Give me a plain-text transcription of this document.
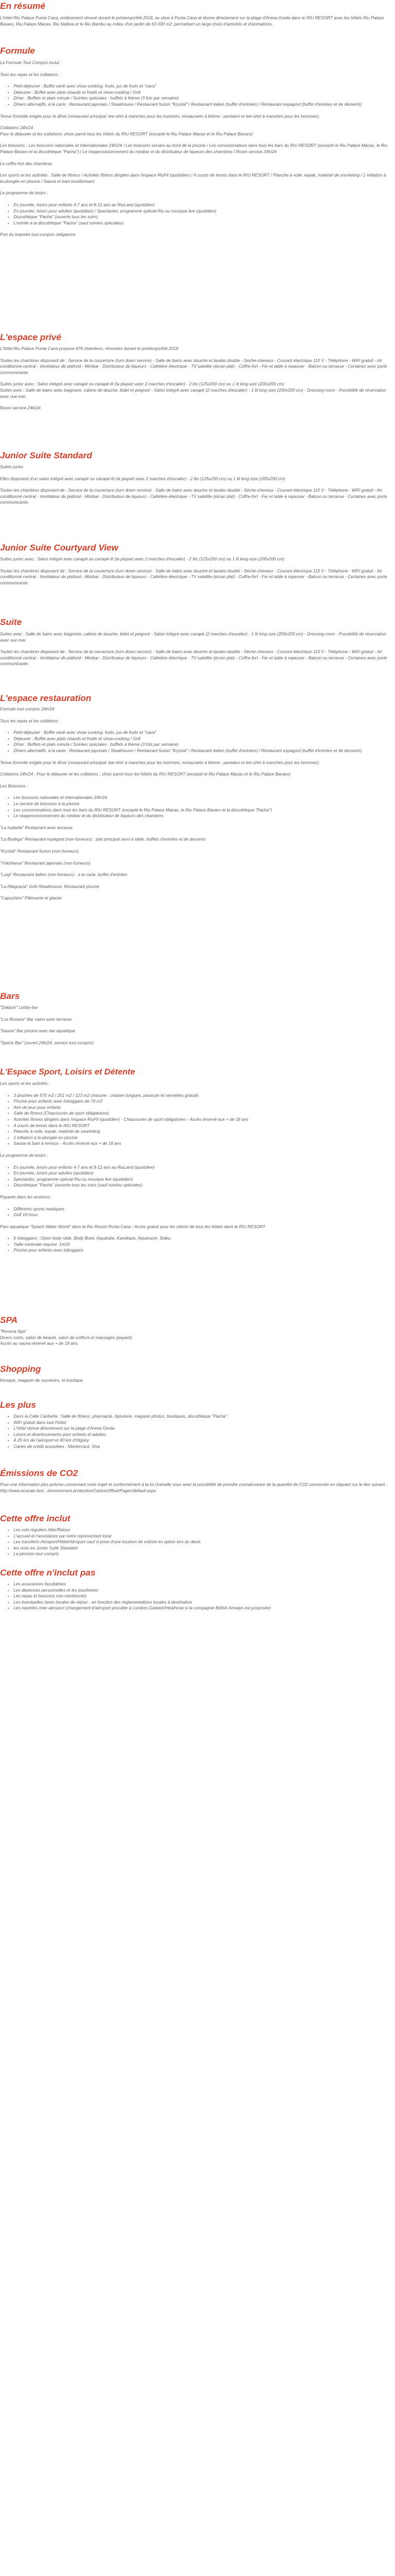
En résumé

L'hôtel Riu Palace Punta Cana, entièrement rénové durant le printemps/été 2018, se situe à Punta Cana et donne directement sur la plage d'Arena Gorda dans le RIU RESORT avec les hôtels Riu Palace Bavaro, Riu Palace Macao, Riu Naiboa et le Riu Bambu au milieu d'un jardin de 63 000 m2, permettant un large choix d'activités et d'animations.

Formule

La Formule Tout Compris inclut :

Tous les repas et les collations :

• Petit-déjeuner : Buffet varié avec show cooking, fruits, jus de fruits et "cava"
• Déjeuner : Buffet avec plats chauds et froids et show-cooking / Grill
• Dîner : Buffets et plats minute / Soirées spéciales : buffets à thème (3 fois par semaine)
• Dîners alternatifs, à la carte : Restaurant japonais / Steakhouse / Restaurant fusion "Krystal" / Restaurant italien (buffet d'entrées) / Restaurant espagnol (buffet d'entrées et de desserts)

Tenue formelle exigée pour le dîner (restaurant principal: tee-shirt à manches pour les hommes; restaurants à thème : pantalon et tee-shirt à manches pour les hommes).

Collations 24h/24

Pour le déjeuner et les collations: choix parmi tous les hôtels du RIU RESORT (excepté le Riu Palace Macao et le Riu Palace Bavaro)

Les boissons : Les boissons nationales et internationales 24h/24 / Les boissons servies au bord de la piscine / Les consommations dans tous les bars du RIU RESORT (excepté le Riu Palace Macao, le Riu Palace Bavaro et la discothèque "Pacha") / Le réapprovisionnement du minibar et du distributeur de liqueurs des chambres / Room-service 24h/24

Le coffre-fort des chambres

Les sports et les activités : Salle de fitness / Activités fitness dirigées dans l'espace RiuFit (quotidien) / 4 courts de tennis dans le RIU RESORT / Planche à voile, kayak, matériel de snorkeling / 1 initiation à la plongée en piscine / Sauna et bain bouillonnant

Le programme de loisirs :

• En journée, loisirs pour enfants 4-7 ans et 8-12 ans au RiuLand (quotidien)
• En journée, loisirs pour adultes (quotidien) / Spectacles, programme spécial Riu ou musique live (quotidien)
• Discothèque "Pacha" (ouverte tous les soirs)
• L'entrée à la discothèque "Pacha" (sauf soirées spéciales)

Port du bracelet tout compris obligatoire

L'espace privé

L'hôtel Riu Palace Punta Cana propose 676 chambres, rénovées durant le printemps/été 2018

Toutes les chambres disposent de : Service de la couverture (turn down service) - Salle de bains avec douche et lavabo double - Sèche-cheveux - Courant électrique 110 V - Téléphone - WiFi gratuit - Air conditionné central - Ventilateur de plafond - Minibar - Distributeur de liqueurs - Cafetière électrique - TV satellite (écran plat) - Coffre-fort - Fer et table à repasser - Balcon ou terrasse - Certaines avec porte communicante.

Suites junior avec : Salon intégré avec canapé ou canapé-lit (la plupart avec 2 marches d'escalier) - 2 lits (125x200 cm) ou 1 lit king-size (200x200 cm)

Suites avec : Salle de bains avec baignoire, cabine de douche, bidet et peignoir - Salon intégré avec canapé (2 marches d'escalier) - 1 lit king-size (200x200 cm) - Dressing-room - Possibilité de réservation avec vue mer.

Room-service 24h/24

Junior Suite Standard

Suites junior

Elles disposent d'un salon intégré avec canapé ou canapé-lit (la plupart avec 2 marches d'escalier) - 2 lits (125x200 cm) ou 1 lit king-size (200x200 cm)

Toutes les chambres disposent de : Service de la couverture (turn down service) - Salle de bains avec douche et lavabo double - Sèche-cheveux - Courant électrique 110 V - Téléphone - WiFi gratuit - Air conditionné central - Ventilateur de plafond - Minibar - Distributeur de liqueurs - Cafetière électrique - TV satellite (écran plat) - Coffre-fort - Fer et table à repasser - Balcon ou terrasse - Certaines avec porte communicante.

Junior Suite Courtyard View

Suites junior avec : Salon intégré avec canapé ou canapé-lit (la plupart avec 2 marches d'escalier) - 2 lits (125x200 cm) ou 1 lit king-size (200x200 cm)

Toutes les chambres disposent de : Service de la couverture (turn down service) - Salle de bains avec douche et lavabo double - Sèche-cheveux - Courant électrique 110 V - Téléphone - WiFi gratuit - Air conditionné central - Ventilateur de plafond - Minibar - Distributeur de liqueurs - Cafetière électrique - TV satellite (écran plat) - Coffre-fort - Fer et table à repasser - Balcon ou terrasse - Certaines avec porte communicante.

Suite

Suites avec : Salle de bains avec baignoire, cabine de douche, bidet et peignoir - Salon intégré avec canapé (2 marches d'escalier) - 1 lit king-size (200x200 cm) - Dressing-room - Possibilité de réservation avec vue mer.

Toutes les chambres disposent de : Service de la couverture (turn down service) - Salle de bains avec douche et lavabo double - Sèche-cheveux - Courant électrique 110 V - Téléphone - WiFi gratuit - Air conditionné central - Ventilateur de plafond - Minibar - Distributeur de liqueurs - Cafetière électrique - TV satellite (écran plat) - Coffre-fort - Fer et table à repasser - Balcon ou terrasse - Certaines avec porte communicante.

L'espace restauration

Formule tout compris 24h/24

Tous les repas et les collations :

• Petit-déjeuner : Buffet varié avec show cooking, fruits, jus de fruits et "cava"
• Déjeuner : Buffet avec plats chauds et froids et show-cooking / Grill
• Dîner : Buffets et plats minute / Soirées spéciales : buffets à thème (3 fois par semaine)
• Dîners alternatifs, à la carte : Restaurant japonais / Steakhouse / Restaurant fusion "Krystal" / Restaurant italien (buffet d'entrées) / Restaurant espagnol (buffet d'entrées et de desserts)

Tenue formelle exigée pour le dîner (restaurant principal: tee-shirt à manches pour les hommes; restaurants à thème : pantalon et tee-shirt à manches pour les hommes).

Collations 24h/24 : Pour le déjeuner et les collations : choix parmi tous les hôtels du RIU RESORT (excepté le Riu Palace Macao et le Riu Palace Bavaro)

Les Boissons :

• Les boissons nationales et internationales 24h/24
• Le service de boissons à la piscine
• Les consommations dans tous les bars du RIU RESORT (excepté le Riu Palace Macao, le Riu Palace Bavaro et la discothèque "Pacha")
• Le réapprovisionnement du minibar et du distributeur de liqueurs des chambres

"La Isabella" Restaurant avec terrasse

"La Bodega" Restaurant espagnol (non-fumeurs) : plat principal servi à table, buffets d'entrées et de desserts

"Krystal" Restaurant fusion (non-fumeurs)

"Yokohama" Restaurant japonais (non-fumeurs)

"Luigi" Restaurant italien (non-fumeurs) : à la carte, buffet d'entrées

"La Altagracia" Grill-/Steakhouse, Restaurant piscine

"Capuchino" Pâtisserie et glacier

Bars

"Daiquiri" Lobby-bar

"Los Rosario" Bar salon avec terrasse

"Saona" Bar piscine avec bar aquatique

"Sports Bar" (ouvert 24h/24, service tout compris)

L'Espace Sport, Loisirs et Détente

Les sports et les activités :

• 3 piscines de 570 m2 / 201 m2 / 123 m2 chacune : chaises longues, parasols et serviettes gratuits
• Piscine pour enfants avec toboggans de 70 m2
• Aire de jeux pour enfants
• Salle de fitness (Chaussures de sport obligatoires)
• Activités fitness dirigées dans l'espace RiuFit (quotidien) - Chaussures de sport obligatoires - Accès réservé aux + de 18 ans
• 4 courts de tennis dans le RIU RESORT
• Planche à voile, kayak, matériel de snorkeling
• 1 initiation à la plongée en piscine
• Sauna et bain à remous - Accès réservé aux + de 18 ans

Le programme de loisirs :

• En journée, loisirs pour enfants 4-7 ans et 8-12 ans au RiuLand (quotidien)
• En journée, loisirs pour adultes (quotidien)
• Spectacles, programme spécial Riu ou musique live (quotidien)
• Discothèque "Pacha" (ouverte tous les soirs (sauf soirées spéciales)

Payante dans les environs :

• Différents sports nautiques
• Golf 18 trous

Parc aquatique "Splash Water World" dans le Riu Resort Punta Cana : Accès gratuit pour les clients de tous les hôtels dans le RIU RESORT

• 6 toboggans : Open body slide, Body Bowl, Aquatube, Kamikaze, Aquaracer, Staku.
• Taille minimale requise: 1m20
• Piscine pour enfants avec toboggans
SPA

"Renova Spa"

Divers soins, salon de beauté, salon de coiffure et massages (payant).

Accès au sauna réservé aux + de 18 ans.

Shopping

Kiosque, magasin de souvenirs, et boutique.

Les plus
• Dans la Calle Caribeña : Salle de fitness, pharmacie, bijouterie, magasin photos, boutiques, discothèque "Pacha".
• WiFi gratuit dans tout l'hôtel
• L'hôtel donne directement sur la plage d'Arena Gorda
• Loisirs et divertissements pour enfants et adultes
• A 25 km de l'aéroport et 40 km d'Higüey
• Cartes de crédit acceptées : Mastercard, Visa
Émissions de CO2

Pour une information plus précise concernant votre trajet et conformément à la loi Grenelle vous avez la possibilité de prendre connaissance de la quantité de CO2 concernée en cliquant sur le lien suivant : http://www.ecocalc-test.../environment-protection/CarbonOffset/Pages/default.aspx

Cette offre inclut
• Les vols réguliers Aller/Retour
• L'accueil et l'assistance par notre représentant local
• Les transferts Aéroport/Hôtel/Aéroport sauf si prise d'une location de voiture en option lors du devis
• les nuits en Junior Suite Standard
• La pension tout compris
Cette offre n'inclut pas
• Les assurances facultatives
• Les dépenses personnelles et les pourboires
• Les repas et boissons non mentionnés
• Les éventuelles taxes locales de séjour - en fonction des réglementations locales à destination
• Les navettes inter-aéroport (changement d'aéroport possible à Londres Gatwick/Heathrow si la compagnie British Airways est proposée)
